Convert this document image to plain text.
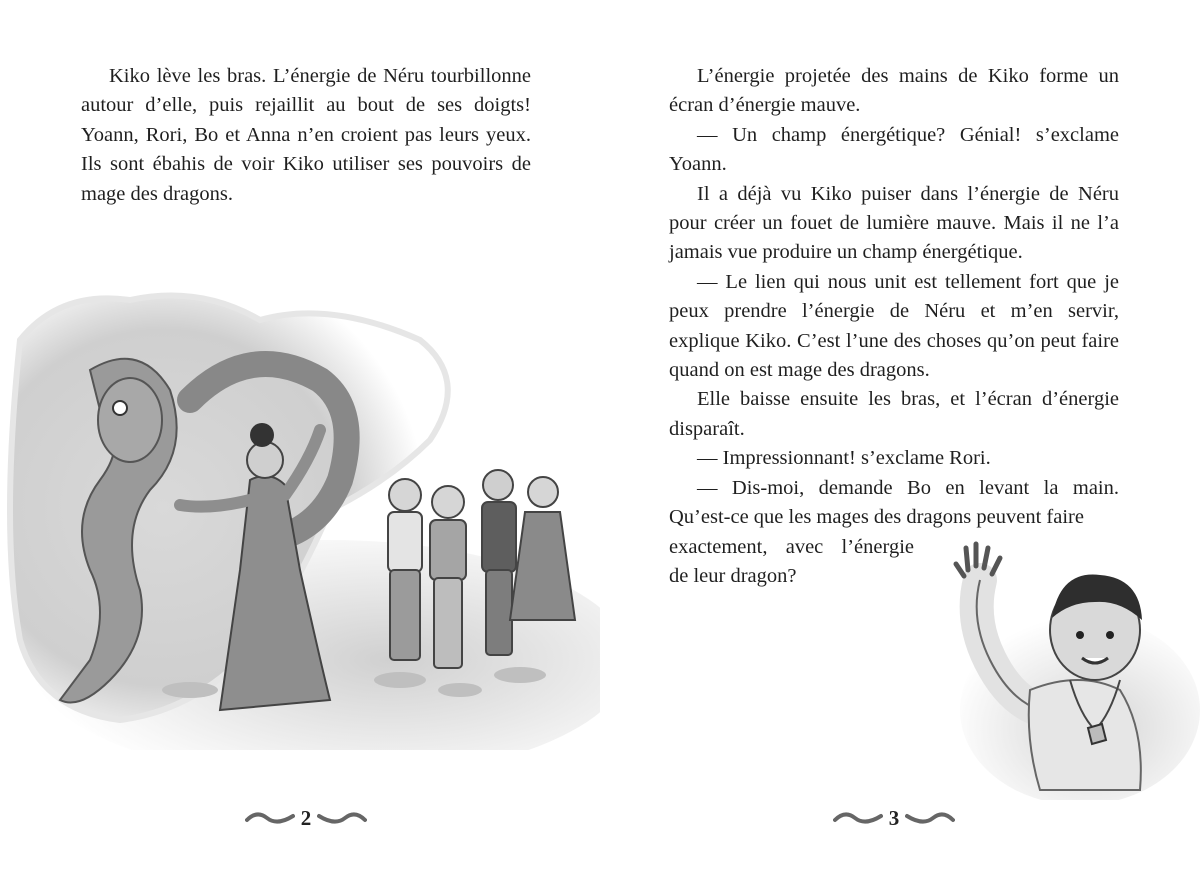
Kiko lève les bras. L’énergie de Néru tourbillonne autour d’elle, puis rejaillit au bout de ses doigts! Yoann, Rori, Bo et Anna n’en croient pas leurs yeux. Ils sont ébahis de voir Kiko utiliser ses pouvoirs de mage des dragons.

2

L’énergie projetée des mains de Kiko forme un écran d’énergie mauve.

— Un champ énergétique? Génial! s’exclame Yoann.

Il a déjà vu Kiko puiser dans l’énergie de Néru pour créer un fouet de lumière mauve. Mais il ne l’a jamais vue produire un champ énergétique.

— Le lien qui nous unit est tellement fort que je peux prendre l’énergie de Néru et m’en servir, explique Kiko. C’est l’une des choses qu’on peut faire quand on est mage des dragons.

Elle baisse ensuite les bras, et l’écran d’énergie disparaît.

— Impressionnant! s’exclame Rori.

— Dis-moi, demande Bo en levant la main. Qu’est-ce que les mages des dragons peuvent faire

exactement, avec l’énergie

de leur dragon?

3
